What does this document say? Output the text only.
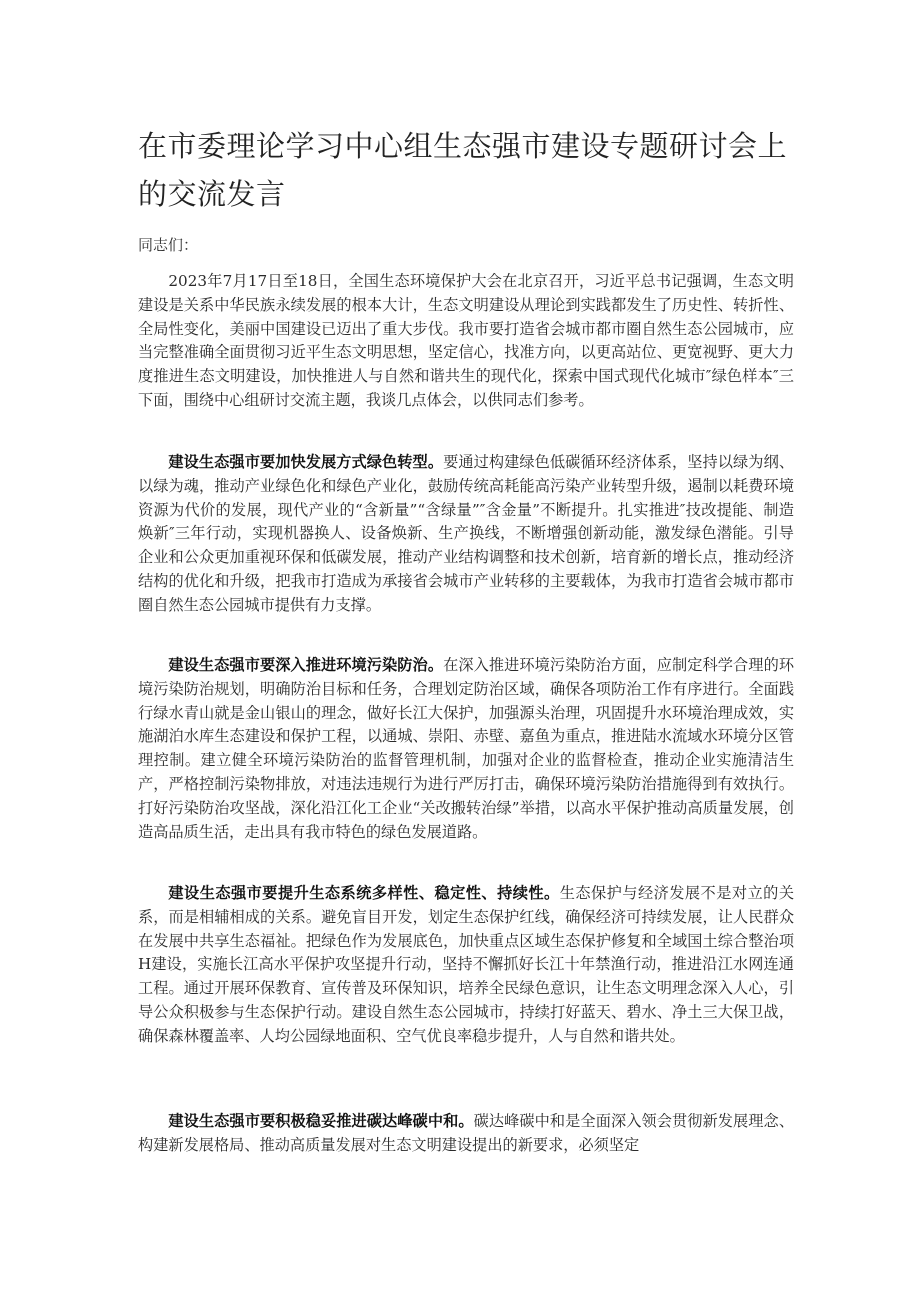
在市委理论学习中心组生态强市建设专题研讨会上的交流发言
同志们：

2023年7月17日至18日，全国生态环境保护大会在北京召开，习近平总书记强调，生态文明建设是关系中华民族永续发展的根本大计，生态文明建设从理论到实践都发生了历史性、转折性、全局性变化，美丽中国建设已迈出了重大步伐。我市要打造省会城市都市圈自然生态公园城市，应当完整准确全面贯彻习近平生态文明思想，坚定信心，找准方向，以更高站位、更宽视野、更大力度推进生态文明建设，加快推进人与自然和谐共生的现代化，探索中国式现代化城市″绿色样本″三下面，围绕中心组研讨交流主题，我谈几点体会，以供同志们参考。

建设生态强市要加快发展方式绿色转型。要通过构建绿色低碳循环经济体系，坚持以绿为纲、以绿为魂，推动产业绿色化和绿色产业化，鼓励传统高耗能高污染产业转型升级，遏制以耗费环境资源为代价的发展，现代产业的“含新量”“含绿量”″含金量”不断提升。扎实推进″技改提能、制造焕新″三年行动，实现机器换人、设备焕新、生产换线，不断增强创新动能，激发绿色潜能。引导企业和公众更加重视环保和低碳发展，推动产业结构调整和技术创新，培育新的增长点，推动经济结构的优化和升级，把我市打造成为承接省会城市产业转移的主要载体，为我市打造省会城市都市圈自然生态公园城市提供有力支撑。

建设生态强市要深入推进环境污染防治。在深入推进环境污染防治方面，应制定科学合理的环境污染防治规划，明确防治目标和任务，合理划定防治区域，确保各项防治工作有序进行。全面践行绿水青山就是金山银山的理念，做好长江大保护，加强源头治理，巩固提升水环境治理成效，实施湖泊水库生态建设和保护工程，以通城、崇阳、赤壁、嘉鱼为重点，推进陆水流域水环境分区管理控制。建立健全环境污染防治的监督管理机制，加强对企业的监督检查，推动企业实施清洁生产，严格控制污染物排放，对违法违规行为进行严厉打击，确保环境污染防治措施得到有效执行。打好污染防治攻坚战，深化沿江化工企业“关改搬转治绿”举措，以高水平保护推动高质量发展，创造高品质生活，走出具有我市特色的绿色发展道路。

建设生态强市要提升生态系统多样性、稳定性、持续性。生态保护与经济发展不是对立的关系，而是相辅相成的关系。避免盲目开发，划定生态保护红线，确保经济可持续发展，让人民群众在发展中共享生态福祉。把绿色作为发展底色，加快重点区域生态保护修复和全域国土综合整治项H建设，实施长江高水平保护攻坚提升行动，坚持不懈抓好长江十年禁渔行动，推进沿江水网连通工程。通过开展环保教育、宣传普及环保知识，培养全民绿色意识，让生态文明理念深入人心，引导公众积极参与生态保护行动。建设自然生态公园城市，持续打好蓝天、碧水、净土三大保卫战，确保森林覆盖率、人均公园绿地面积、空气优良率稳步提升，人与自然和谐共处。

建设生态强市要积极稳妥推进碳达峰碳中和。碳达峰碳中和是全面深入领会贯彻新发展理念、构建新发展格局、推动高质量发展对生态文明建设提出的新要求，必须坚定
